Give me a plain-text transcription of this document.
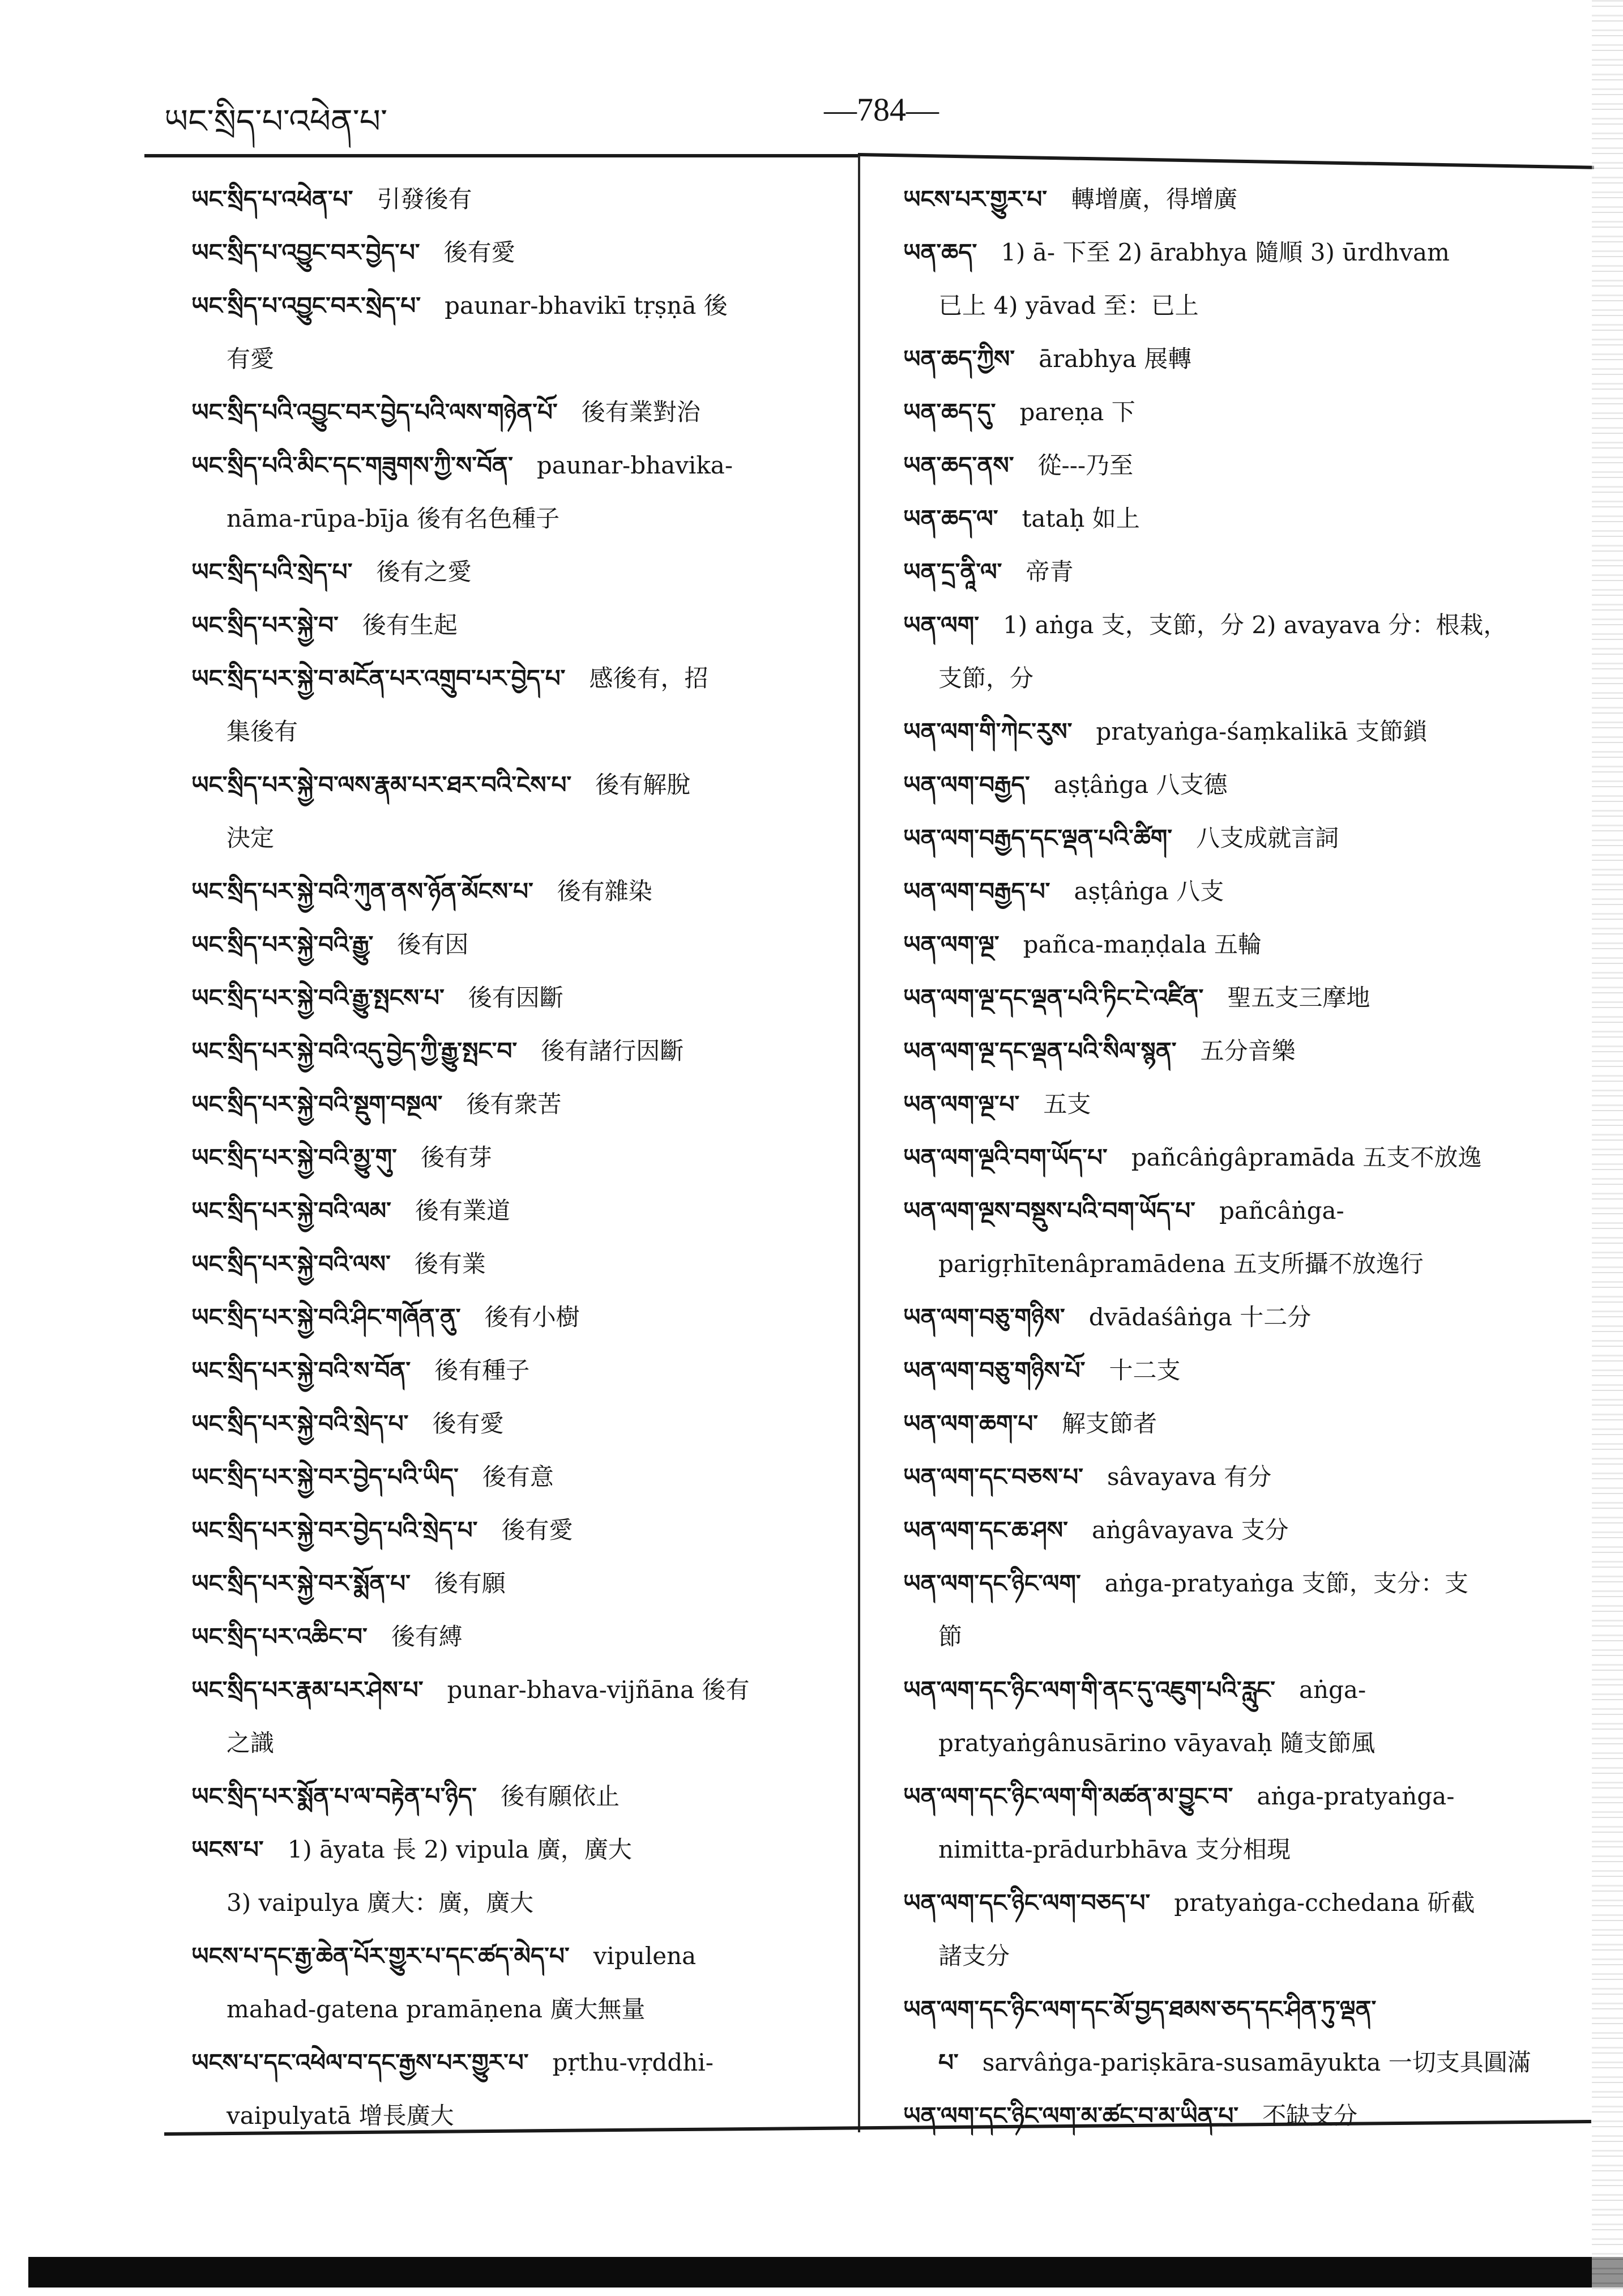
ཡང་སྲིད་པ་འཕེན་པ་	—784—
ཡང་སྲིད་པ་འཕེན་པ་ 引發後有
ཡང་སྲིད་པ་འབྱུང་བར་བྱེད་པ་ 後有愛
ཡང་སྲིད་པ་འབྱུང་བར་སྲེད་པ་ paunar-bhavikī tṛṣṇā 後
有愛
ཡང་སྲིད་པའི་འབྱུང་བར་བྱེད་པའི་ལས་གཉེན་པོ་ 後有業對治
ཡང་སྲིད་པའི་མིང་དང་གཟུགས་ཀྱི་ས་བོན་ paunar-bhavika-
nāma-rūpa-bīja 後有名色種子
ཡང་སྲིད་པའི་སྲེད་པ་ 後有之愛
ཡང་སྲིད་པར་སྐྱེ་བ་ 後有生起
ཡང་སྲིད་པར་སྐྱེ་བ་མངོན་པར་འགྲུབ་པར་བྱེད་པ་ 感後有，招
集後有
ཡང་སྲིད་པར་སྐྱེ་བ་ལས་རྣམ་པར་ཐར་བའི་ངེས་པ་ 後有解脫
決定
ཡང་སྲིད་པར་སྐྱེ་བའི་ཀུན་ནས་ཉོན་མོངས་པ་ 後有雜染
ཡང་སྲིད་པར་སྐྱེ་བའི་རྒྱུ་ 後有因
ཡང་སྲིད་པར་སྐྱེ་བའི་རྒྱུ་སྤངས་པ་ 後有因斷
ཡང་སྲིད་པར་སྐྱེ་བའི་འདུ་བྱེད་ཀྱི་རྒྱུ་སྤང་བ་ 後有諸行因斷
ཡང་སྲིད་པར་སྐྱེ་བའི་སྡུག་བསྔལ་ 後有衆苦
ཡང་སྲིད་པར་སྐྱེ་བའི་མྱུ་གུ་ 後有芽
ཡང་སྲིད་པར་སྐྱེ་བའི་ལམ་ 後有業道
ཡང་སྲིད་པར་སྐྱེ་བའི་ལས་ 後有業
ཡང་སྲིད་པར་སྐྱེ་བའི་ཤིང་གཞོན་ནུ་ 後有小樹
ཡང་སྲིད་པར་སྐྱེ་བའི་ས་བོན་ 後有種子
ཡང་སྲིད་པར་སྐྱེ་བའི་སྲེད་པ་ 後有愛
ཡང་སྲིད་པར་སྐྱེ་བར་བྱེད་པའི་ཡིད་ 後有意
ཡང་སྲིད་པར་སྐྱེ་བར་བྱེད་པའི་སྲེད་པ་ 後有愛
ཡང་སྲིད་པར་སྐྱེ་བར་སྨོན་པ་ 後有願
ཡང་སྲིད་པར་འཆིང་བ་ 後有縛
ཡང་སྲིད་པར་རྣམ་པར་ཤེས་པ་ punar-bhava-vijñāna 後有
之識
ཡང་སྲིད་པར་སྨོན་པ་ལ་བརྟེན་པ་ཉིད་ 後有願依止
ཡངས་པ་ 1) āyata 長 2) vipula 廣，廣大
3) vaipulya 廣大：廣，廣大
ཡངས་པ་དང་རྒྱ་ཆེན་པོར་གྱུར་པ་དང་ཚད་མེད་པ་ vipulena
mahad-gatena pramāṇena 廣大無量
ཡངས་པ་དང་འཕེལ་བ་དང་རྒྱས་པར་གྱུར་པ་ pṛthu-vṛddhi-
vaipulyatā 增長廣大
ཡངས་པར་གྱུར་པ་ 轉增廣，得增廣
ཡན་ཆད་ 1) ā- 下至 2) ārabhya 隨順 3) ūrdhvam
已上 4) yāvad 至：已上
ཡན་ཆད་ཀྱིས་ ārabhya 展轉
ཡན་ཆད་དུ་ pareṇa 下
ཡན་ཆད་ནས་ 從---乃至
ཡན་ཆད་ལ་ tataḥ 如上
ཡན་དྲ་ནཱི་ལ་ 帝青
ཡན་ལག་ 1) aṅga 支，支節，分 2) avayava 分：根栽，
支節，分
ཡན་ལག་གི་ཀེང་རུས་ pratyaṅga-śaṃkalikā 支節鎖
ཡན་ལག་བརྒྱད་ aṣṭâṅga 八支德
ཡན་ལག་བརྒྱད་དང་ལྡན་པའི་ཚིག་ 八支成就言詞
ཡན་ལག་བརྒྱད་པ་ aṣṭâṅga 八支
ཡན་ལག་ལྔ་ pañca-maṇḍala 五輪
ཡན་ལག་ལྔ་དང་ལྡན་པའི་ཏིང་ངེ་འཛིན་ 聖五支三摩地
ཡན་ལག་ལྔ་དང་ལྡན་པའི་སིལ་སྙན་ 五分音樂
ཡན་ལག་ལྔ་པ་ 五支
ཡན་ལག་ལྔའི་བག་ཡོད་པ་ pañcâṅgâpramāda 五支不放逸
ཡན་ལག་ལྔས་བསྡུས་པའི་བག་ཡོད་པ་ pañcâṅga-
parigṛhītenâpramādena 五支所攝不放逸行
ཡན་ལག་བཅུ་གཉིས་ dvādaśâṅga 十二分
ཡན་ལག་བཅུ་གཉིས་པོ་ 十二支
ཡན་ལག་ཆག་པ་ 解支節者
ཡན་ལག་དང་བཅས་པ་ sâvayava 有分
ཡན་ལག་དང་ཆ་ཤས་ aṅgâvayava 支分
ཡན་ལག་དང་ཉིང་ལག་ aṅga-pratyaṅga 支節，支分：支
節
ཡན་ལག་དང་ཉིང་ལག་གི་ནང་དུ་འཇུག་པའི་རླུང་ aṅga-
pratyaṅgânusārino vāyavaḥ 隨支節風
ཡན་ལག་དང་ཉིང་ལག་གི་མཚན་མ་བྱུང་བ་ aṅga-pratyaṅga-
nimitta-prādurbhāva 支分相現
ཡན་ལག་དང་ཉིང་ལག་བཅད་པ་ pratyaṅga-cchedana 斫截
諸支分
ཡན་ལག་དང་ཉིང་ལག་དང་མོ་བྱད་ཐམས་ཅད་དང་ཤིན་ཏུ་ལྡན་
པ་ sarvâṅga-pariṣkāra-susamāyukta 一切支具圓滿
ཡན་ལག་དང་ཉིང་ལག་མ་ཚང་བ་མ་ཡིན་པ་ 不缺支分
